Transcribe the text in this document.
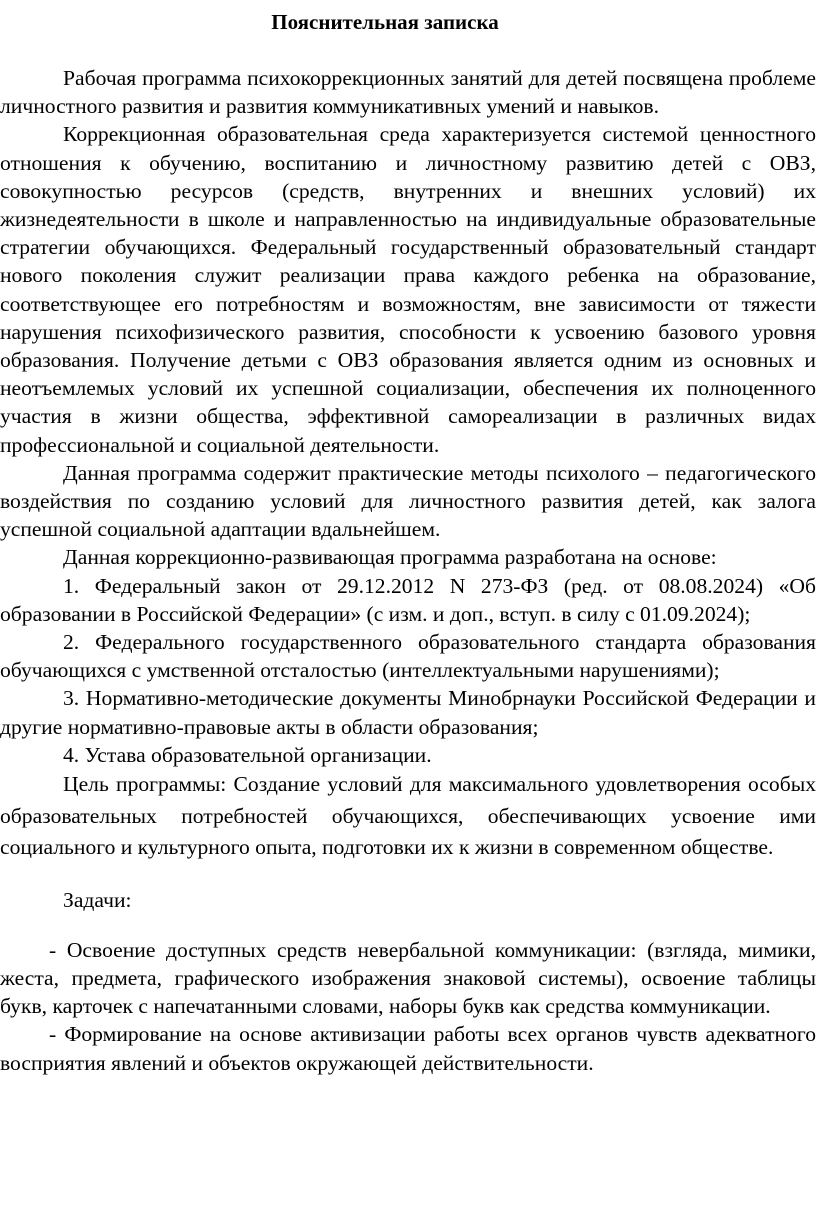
Пояснительная записка

Рабочая программа психокоррекционных занятий для детей посвящена проблеме личностного развития и развития коммуникативных умений и навыков.

Коррекционная образовательная среда характеризуется системой ценностного отношения к обучению, воспитанию и личностному развитию детей с ОВЗ, совокупностью ресурсов (средств, внутренних и внешних условий) их жизнедеятельности в школе и направленностью на индивидуальные образовательные стратегии обучающихся. Федеральный государственный образовательный стандарт нового поколения служит реализации права каждого ребенка на образование, соответствующее его потребностям и возможностям, вне зависимости от тяжести нарушения психофизического развития, способности к усвоению базового уровня образования. Получение детьми с ОВЗ образования является одним из основных и неотъемлемых условий их успешной социализации, обеспечения их полноценного участия в жизни общества, эффективной самореализации в различных видах профессиональной и социальной деятельности.

Данная программа содержит практические методы психолого – педагогического воздействия по созданию условий для личностного развития детей, как залога успешной социальной адаптации вдальнейшем.

Данная коррекционно-развивающая программа разработана на основе:

1. Федеральный закон от 29.12.2012 N 273-ФЗ (ред. от 08.08.2024) «Об образовании в Российской Федерации» (с изм. и доп., вступ. в силу с 01.09.2024);

2. Федерального государственного образовательного стандарта образования обучающихся с умственной отсталостью (интеллектуальными нарушениями);

3. Нормативно-методические документы Минобрнауки Российской Федерации и другие нормативно-правовые акты в области образования;

4. Устава образовательной организации.

Цель программы: Создание условий для максимального удовлетворения особых образовательных потребностей обучающихся, обеспечивающих усвоение ими социального и культурного опыта, подготовки их к жизни в современном обществе.

Задачи:

- Освоение доступных средств невербальной коммуникации: (взгляда, мимики, жеста, предмета, графического изображения знаковой системы), освоение таблицы букв, карточек с напечатанными словами, наборы букв как средства коммуникации.

- Формирование на основе активизации работы всех органов чувств адекватного восприятия явлений и объектов окружающей действительности.
